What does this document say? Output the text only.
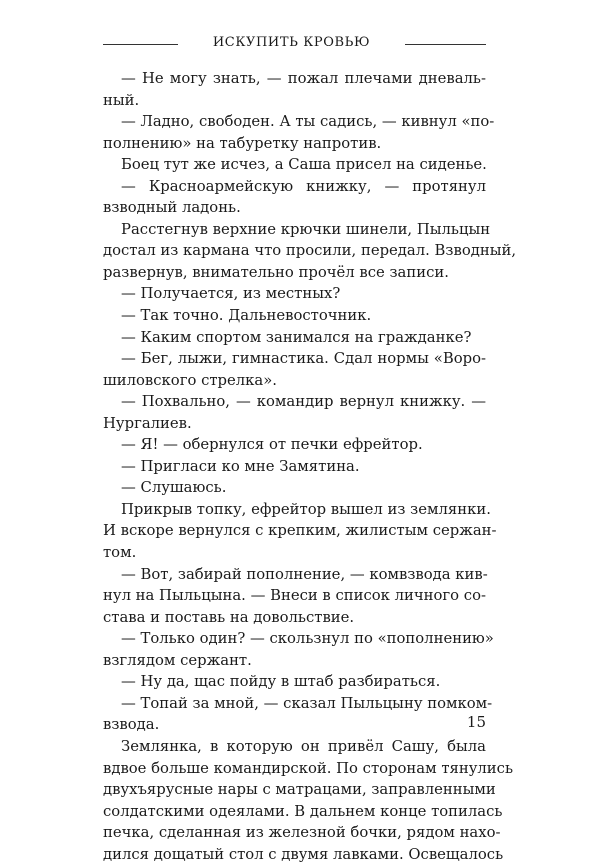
ИСКУПИТЬ КРОВЬЮ
— Не могу знать, — пожал плечами дневаль-
ный.
— Ладно, свободен. А ты садись, — кивнул «по-
полнению» на табуретку напротив.
Боец тут же исчез, а Саша присел на сиденье.
— Красноармейскую книжку, — протянул
взводный ладонь.
Расстегнув верхние крючки шинели, Пыльцын
достал из кармана что просили, передал. Взводный,
развернув, внимательно прочёл все записи.
— Получается, из местных?
— Так точно. Дальневосточник.
— Каким спортом занимался на гражданке?
— Бег, лыжи, гимнастика. Сдал нормы «Воро-
шиловского стрелка».
— Похвально, — командир вернул книжку. —
Нургалиев.
— Я! — обернулся от печки ефрейтор.
— Пригласи ко мне Замятина.
— Слушаюсь.
Прикрыв топку, ефрейтор вышел из землянки.
И вскоре вернулся с крепким, жилистым сержан-
том.
— Вот, забирай пополнение, — комвзвода кив-
нул на Пыльцына. — Внеси в список личного со-
става и поставь на довольствие.
— Только один? — скользнул по «пополнению»
взглядом сержант.
— Ну да, щас пойду в штаб разбираться.
— Топай за мной, — сказал Пыльцыну помком-
взвода.
Землянка, в которую он привёл Сашу, была
вдвое больше командирской. По сторонам тянулись
двухъярусные нары с матрацами, заправленными
солдатскими одеялами. В дальнем конце топилась
печка, сделанная из железной бочки, рядом нахо-
дился дощатый стол с двумя лавками. Освещалось
15
